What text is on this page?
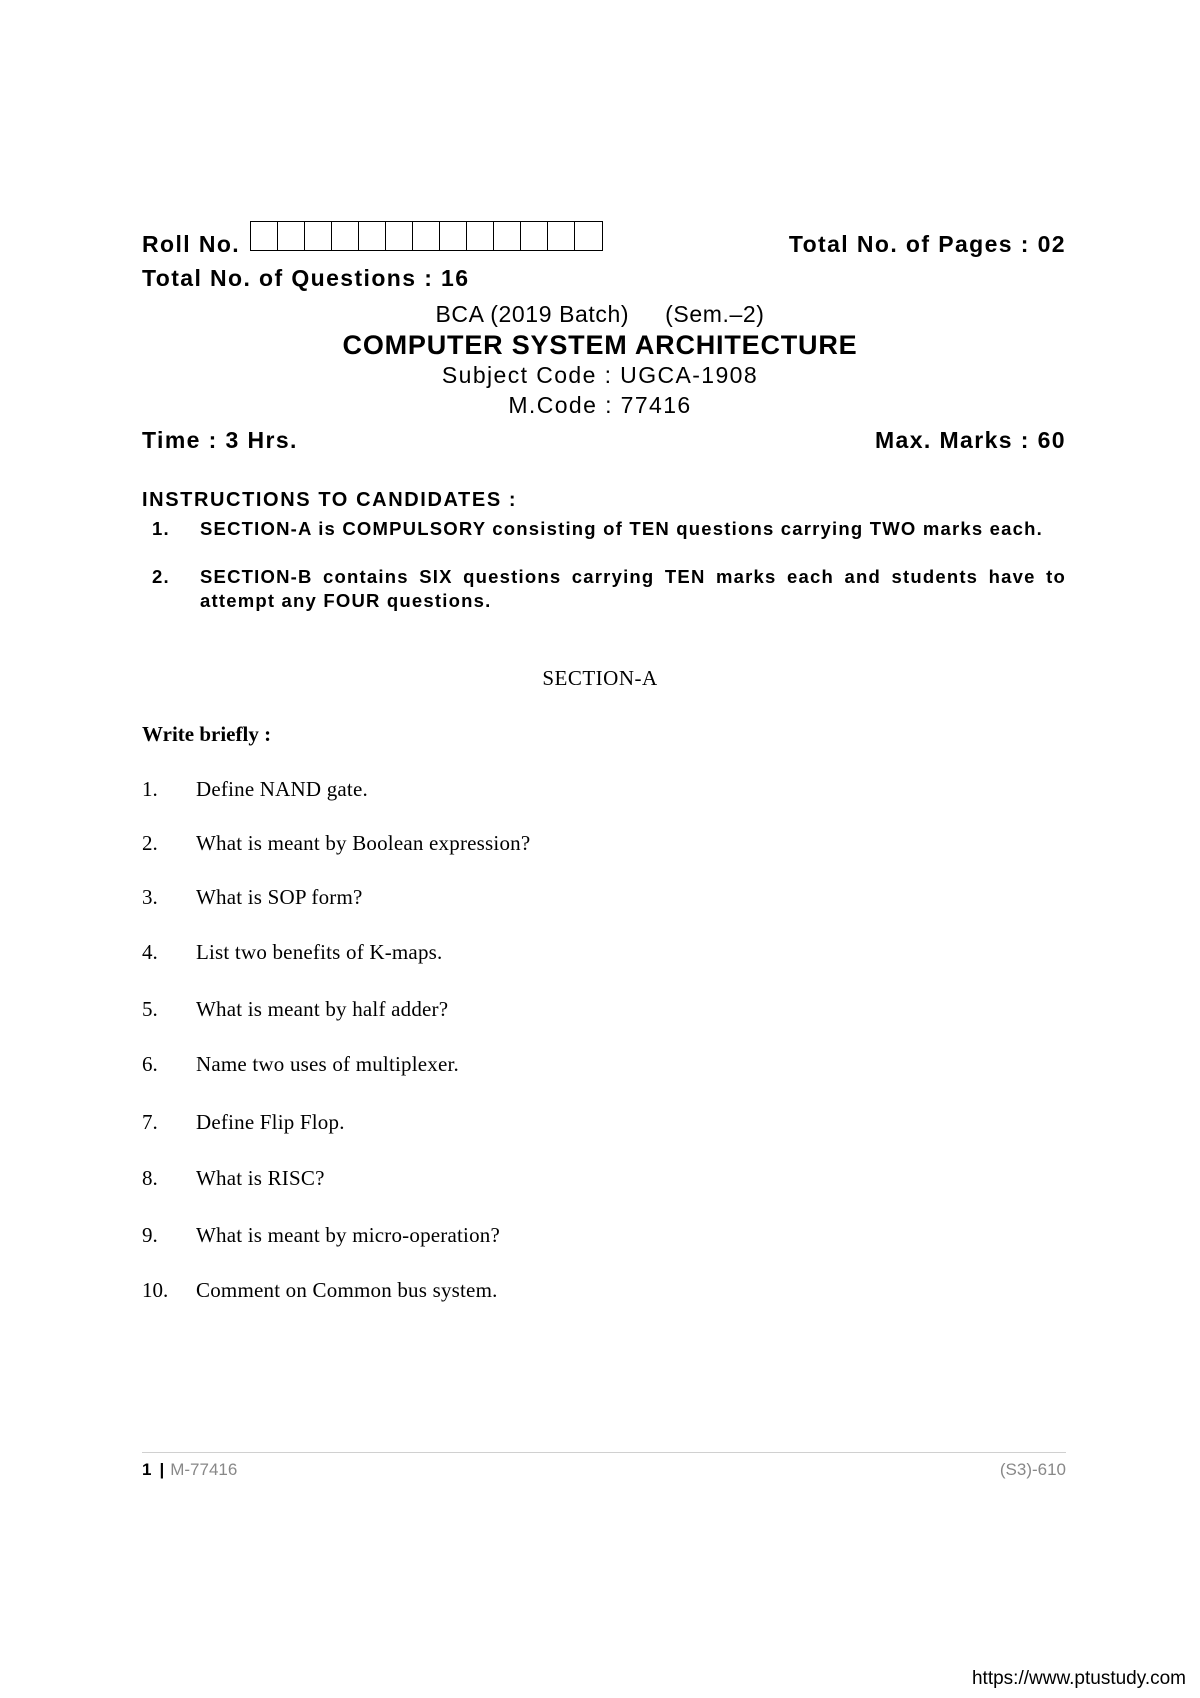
Roll No.	Total No. of Pages : 02
Total No. of Questions : 16
BCA (2019 Batch) (Sem.–2)
COMPUTER SYSTEM ARCHITECTURE
Subject Code : UGCA-1908
M.Code : 77416
Time : 3 Hrs.	Max. Marks : 60
INSTRUCTIONS TO CANDIDATES :
1. SECTION-A is COMPULSORY consisting of TEN questions carrying TWO marks each.
2. SECTION-B contains SIX questions carrying TEN marks each and students have to attempt any FOUR questions.
SECTION-A
Write briefly :
1. Define NAND gate.
2. What is meant by Boolean expression?
3. What is SOP form?
4. List two benefits of K-maps.
5. What is meant by half adder?
6. Name two uses of multiplexer.
7. Define Flip Flop.
8. What is RISC?
9. What is meant by micro-operation?
10. Comment on Common bus system.
1 | M-77416	(S3)-610
https://www.ptustudy.com
